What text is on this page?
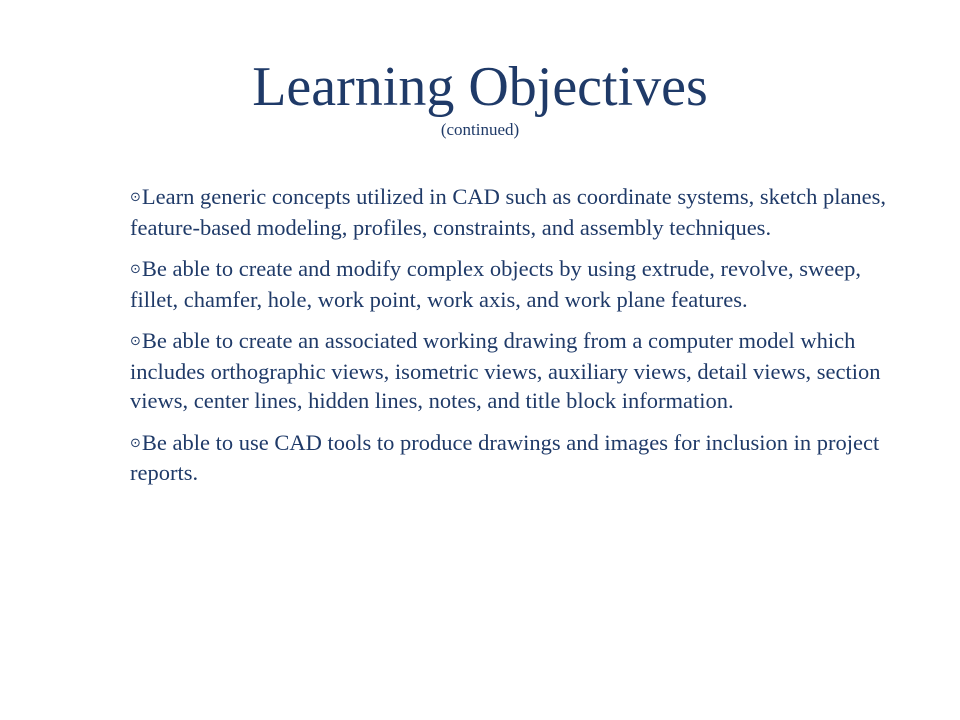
Learning Objectives
(continued)
⊙Learn generic concepts utilized in CAD such as coordinate systems, sketch planes, feature-based modeling, profiles, constraints, and assembly techniques.
⊙Be able to create and modify complex objects by using extrude, revolve, sweep, fillet, chamfer, hole, work point, work axis, and work plane features.
⊙Be able to create an associated working drawing from a computer model which includes orthographic views, isometric views, auxiliary views, detail views, section views, center lines, hidden lines, notes, and title block information.
⊙Be able to use CAD tools to produce drawings and images for inclusion in project reports.
